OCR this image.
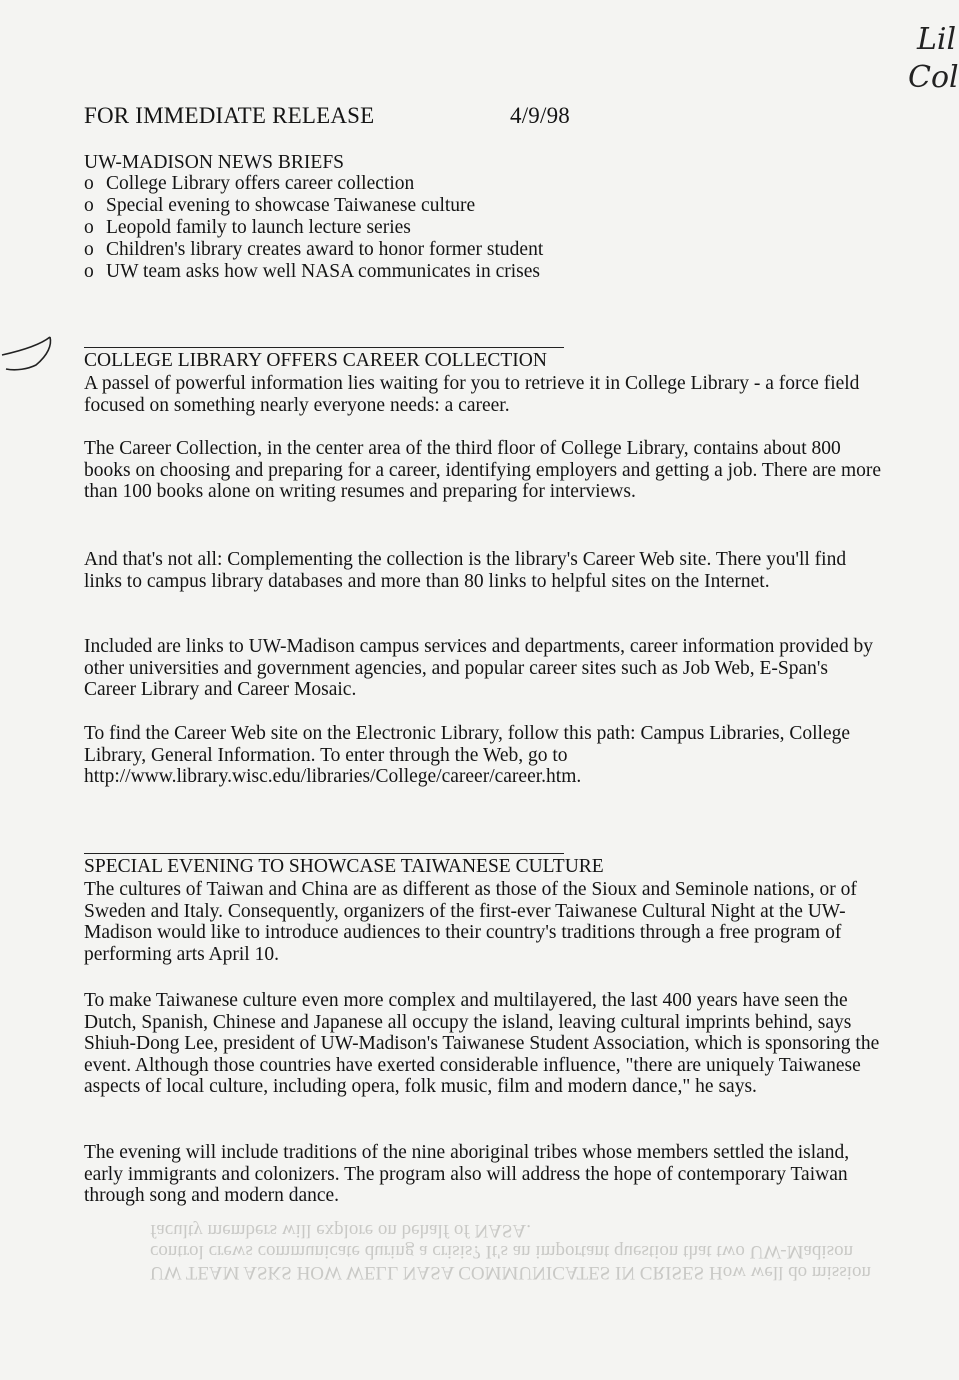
Lil
Col
FOR IMMEDIATE RELEASE	4/9/98
UW-MADISON NEWS BRIEFS
o College Library offers career collection
o Special evening to showcase Taiwanese culture
o Leopold family to launch lecture series
o Children's library creates award to honor former student
o UW team asks how well NASA communicates in crises
COLLEGE LIBRARY OFFERS CAREER COLLECTION

A passel of powerful information lies waiting for you to retrieve it in College Library - a force field focused on something nearly everyone needs: a career.

The Career Collection, in the center area of the third floor of College Library, contains about 800 books on choosing and preparing for a career, identifying employers and getting a job. There are more than 100 books alone on writing resumes and preparing for interviews.

And that's not all: Complementing the collection is the library's Career Web site. There you'll find links to campus library databases and more than 80 links to helpful sites on the Internet.

Included are links to UW-Madison campus services and departments, career information provided by other universities and government agencies, and popular career sites such as Job Web, E-Span's Career Library and Career Mosaic.

To find the Career Web site on the Electronic Library, follow this path: Campus Libraries, College Library, General Information. To enter through the Web, go to http://www.library.wisc.edu/libraries/College/career/career.htm.

SPECIAL EVENING TO SHOWCASE TAIWANESE CULTURE

The cultures of Taiwan and China are as different as those of the Sioux and Seminole nations, or of Sweden and Italy. Consequently, organizers of the first-ever Taiwanese Cultural Night at the UW-Madison would like to introduce audiences to their country's traditions through a free program of performing arts April 10.

To make Taiwanese culture even more complex and multilayered, the last 400 years have seen the Dutch, Spanish, Chinese and Japanese all occupy the island, leaving cultural imprints behind, says Shiuh-Dong Lee, president of UW-Madison's Taiwanese Student Association, which is sponsoring the event. Although those countries have exerted considerable influence, "there are uniquely Taiwanese aspects of local culture, including opera, folk music, film and modern dance," he says.

The evening will include traditions of the nine aboriginal tribes whose members settled the island, early immigrants and colonizers. The program also will address the hope of contemporary Taiwan through song and modern dance.

UW TEAM ASKS HOW WELL NASA COMMUNICATES IN CRISES How well do mission control crews communicate during a crisis? It's an important question that two UW-Madison faculty members will explore on behalf of NASA.
